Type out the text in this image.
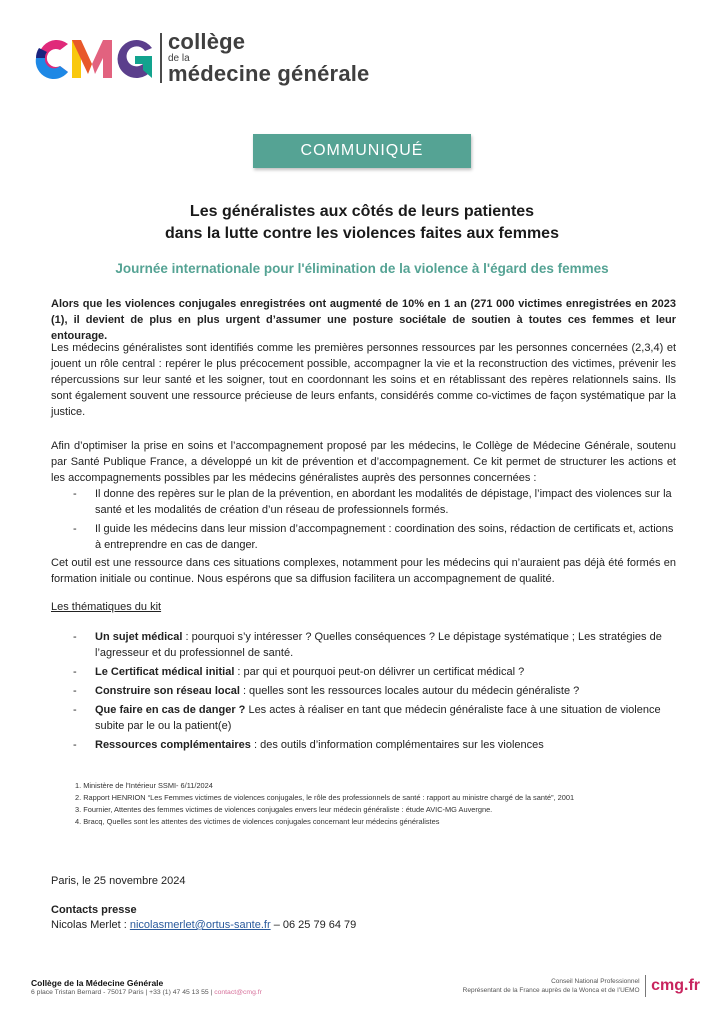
collège
de la
médecine générale
COMMUNIQUÉ
Les généralistes aux côtés de leurs patientes
dans la lutte contre les violences faites aux femmes
Journée internationale pour l'élimination de la violence à l'égard des femmes

Alors que les violences conjugales enregistrées ont augmenté de 10% en 1 an (271 000 victimes enregistrées en 2023 (1), il devient de plus en plus urgent d’assumer une posture sociétale de soutien à toutes ces femmes et leur entourage.

Les médecins généralistes sont identifiés comme les premières personnes ressources par les personnes concernées (2,3,4) et jouent un rôle central : repérer le plus précocement possible, accompagner la vie et la reconstruction des victimes, prévenir les répercussions sur leur santé et les soigner, tout en coordonnant les soins et en rétablissant des repères relationnels sains. Ils sont également souvent une ressource précieuse de leurs enfants, considérés comme co-victimes de façon systématique par la justice.

Afin d’optimiser la prise en soins et l’accompagnement proposé par les médecins, le Collège de Médecine Générale, soutenu par Santé Publique France, a développé un kit de prévention et d’accompagnement. Ce kit permet de structurer les actions et les accompagnements possibles par les médecins généralistes auprès des personnes concernées :

- Il donne des repères sur le plan de la prévention, en abordant les modalités de dépistage, l’impact des violences sur la santé et les modalités de création d’un réseau de professionnels formés.
- Il guide les médecins dans leur mission d’accompagnement : coordination des soins, rédaction de certificats et, actions à entreprendre en cas de danger.

Cet outil est une ressource dans ces situations complexes, notamment pour les médecins qui n’auraient pas déjà été formés en formation initiale ou continue. Nous espérons que sa diffusion facilitera un accompagnement de qualité.

Les thématiques du kit
- Un sujet médical : pourquoi s’y intéresser ? Quelles conséquences ? Le dépistage systématique ; Les stratégies de l’agresseur et du professionnel de santé.
- Le Certificat médical initial : par qui et pourquoi peut-on délivrer un certificat médical ?
- Construire son réseau local : quelles sont les ressources locales autour du médecin généraliste ?
- Que faire en cas de danger ? Les actes à réaliser en tant que médecin généraliste face à une situation de violence subite par le ou la patient(e)
- Ressources complémentaires : des outils d’information complémentaires sur les violences
1. Ministère de l’Intérieur SSMI- 6/11/2024
2. Rapport HENRION “Les Femmes victimes de violences conjugales, le rôle des professionnels de santé : rapport au ministre chargé de la santé”, 2001
3. Fournier, Attentes des femmes victimes de violences conjugales envers leur médecin généraliste : étude AVIC-MG Auvergne.
4. Bracq, Quelles sont les attentes des victimes de violences conjugales concernant leur médecins généralistes
Paris, le 25 novembre 2024
Contacts presse
Nicolas Merlet : nicolasmerlet@ortus-sante.fr – 06 25 79 64 79
Collège de la Médecine Générale
6 place Tristan Bernard - 75017 Paris | +33 (1) 47 45 13 55 | contact@cmg.fr
Conseil National Professionnel
Représentant de la France auprès de la Wonca et de l’UEMO cmg.fr
